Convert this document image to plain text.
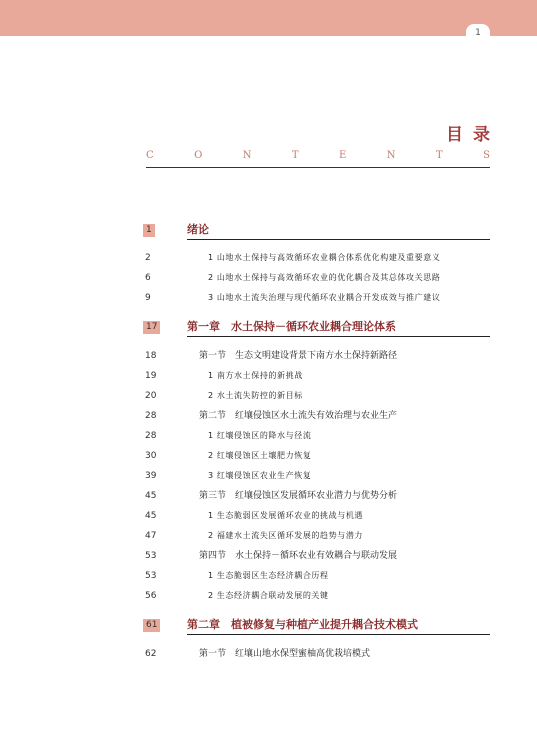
1
目录
C	O	N	T	E	N	T	S
1	绪论
2	1 山地水土保持与高效循环农业耦合体系优化构建及重要意义
6	2 山地水土保持与高效循环农业的优化耦合及其总体攻关思路
9	3 山地水土流失治理与现代循环农业耦合开发成效与推广建议
17	第一章　水土保持－循环农业耦合理论体系
18	第一节　生态文明建设背景下南方水土保持新路径
19	1 南方水土保持的新挑战
20	2 水土流失防控的新目标
28	第二节　红壤侵蚀区水土流失有效治理与农业生产
28	1 红壤侵蚀区的降水与径流
30	2 红壤侵蚀区土壤肥力恢复
39	3 红壤侵蚀区农业生产恢复
45	第三节　红壤侵蚀区发展循环农业潜力与优势分析
45	1 生态脆弱区发展循环农业的挑战与机遇
47	2 福建水土流失区循环发展的趋势与潜力
53	第四节　水土保持－循环农业有效耦合与联动发展
53	1 生态脆弱区生态经济耦合历程
56	2 生态经济耦合联动发展的关键
61	第二章　植被修复与种植产业提升耦合技术模式
62	第一节　红壤山地水保型蜜柚高优栽培模式
